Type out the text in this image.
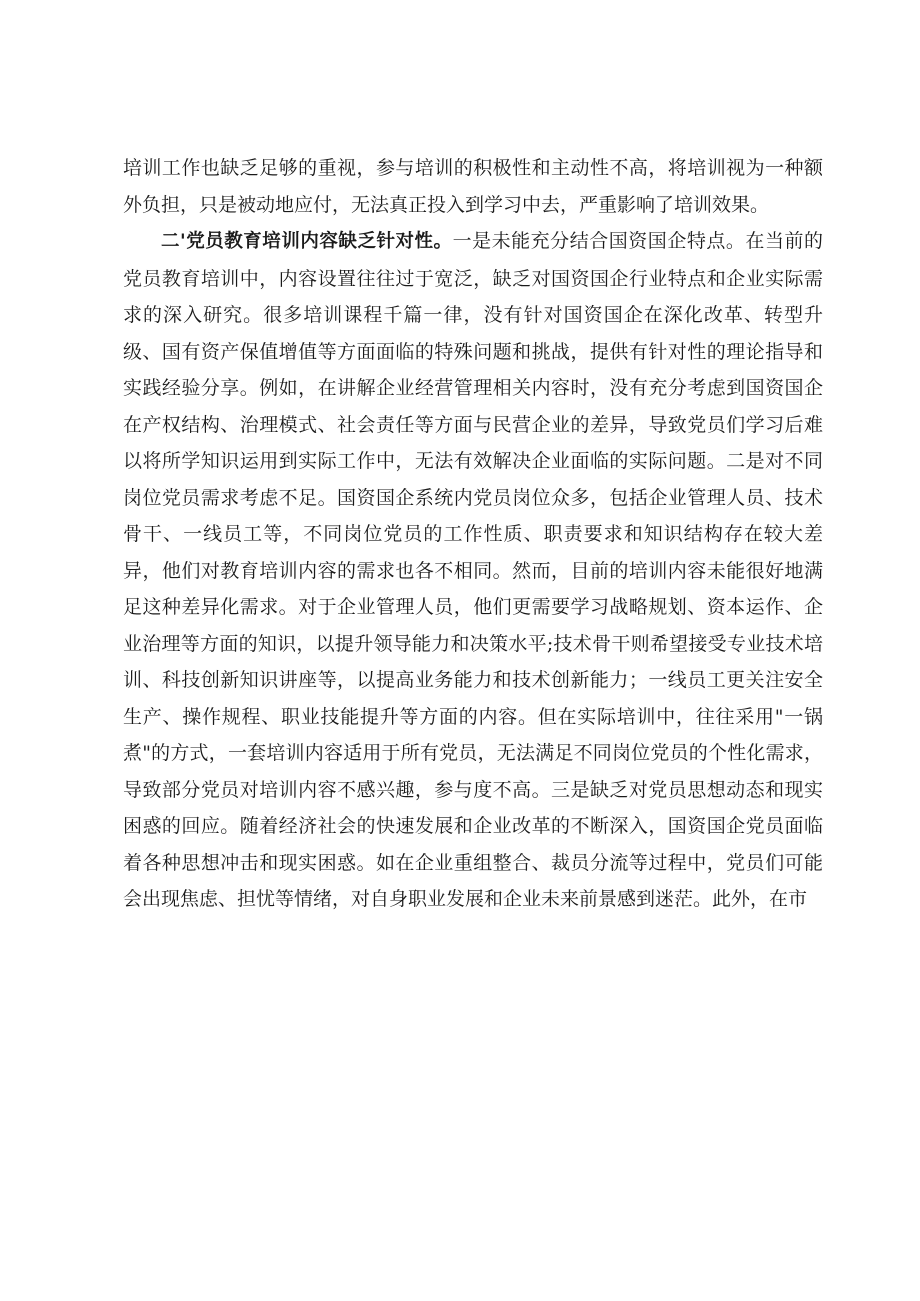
培训工作也缺乏足够的重视，参与培训的积极性和主动性不高，将培训视为一种额外负担，只是被动地应付，无法真正投入到学习中去，严重影响了培训效果。

二'党员教育培训内容缺乏针对性。一是未能充分结合国资国企特点。在当前的党员教育培训中，内容设置往往过于宽泛，缺乏对国资国企行业特点和企业实际需求的深入研究。很多培训课程千篇一律，没有针对国资国企在深化改革、转型升级、国有资产保值增值等方面面临的特殊问题和挑战，提供有针对性的理论指导和实践经验分享。例如，在讲解企业经营管理相关内容时，没有充分考虑到国资国企在产权结构、治理模式、社会责任等方面与民营企业的差异，导致党员们学习后难以将所学知识运用到实际工作中，无法有效解决企业面临的实际问题。二是对不同岗位党员需求考虑不足。国资国企系统内党员岗位众多，包括企业管理人员、技术骨干、一线员工等，不同岗位党员的工作性质、职责要求和知识结构存在较大差异，他们对教育培训内容的需求也各不相同。然而，目前的培训内容未能很好地满足这种差异化需求。对于企业管理人员，他们更需要学习战略规划、资本运作、企业治理等方面的知识，以提升领导能力和决策水平;技术骨干则希望接受专业技术培训、科技创新知识讲座等，以提高业务能力和技术创新能力；一线员工更关注安全生产、操作规程、职业技能提升等方面的内容。但在实际培训中，往往采用"一锅煮"的方式，一套培训内容适用于所有党员，无法满足不同岗位党员的个性化需求，导致部分党员对培训内容不感兴趣，参与度不高。三是缺乏对党员思想动态和现实困惑的回应。随着经济社会的快速发展和企业改革的不断深入，国资国企党员面临着各种思想冲击和现实困惑。如在企业重组整合、裁员分流等过程中，党员们可能会出现焦虑、担忧等情绪，对自身职业发展和企业未来前景感到迷茫。此外，在市
